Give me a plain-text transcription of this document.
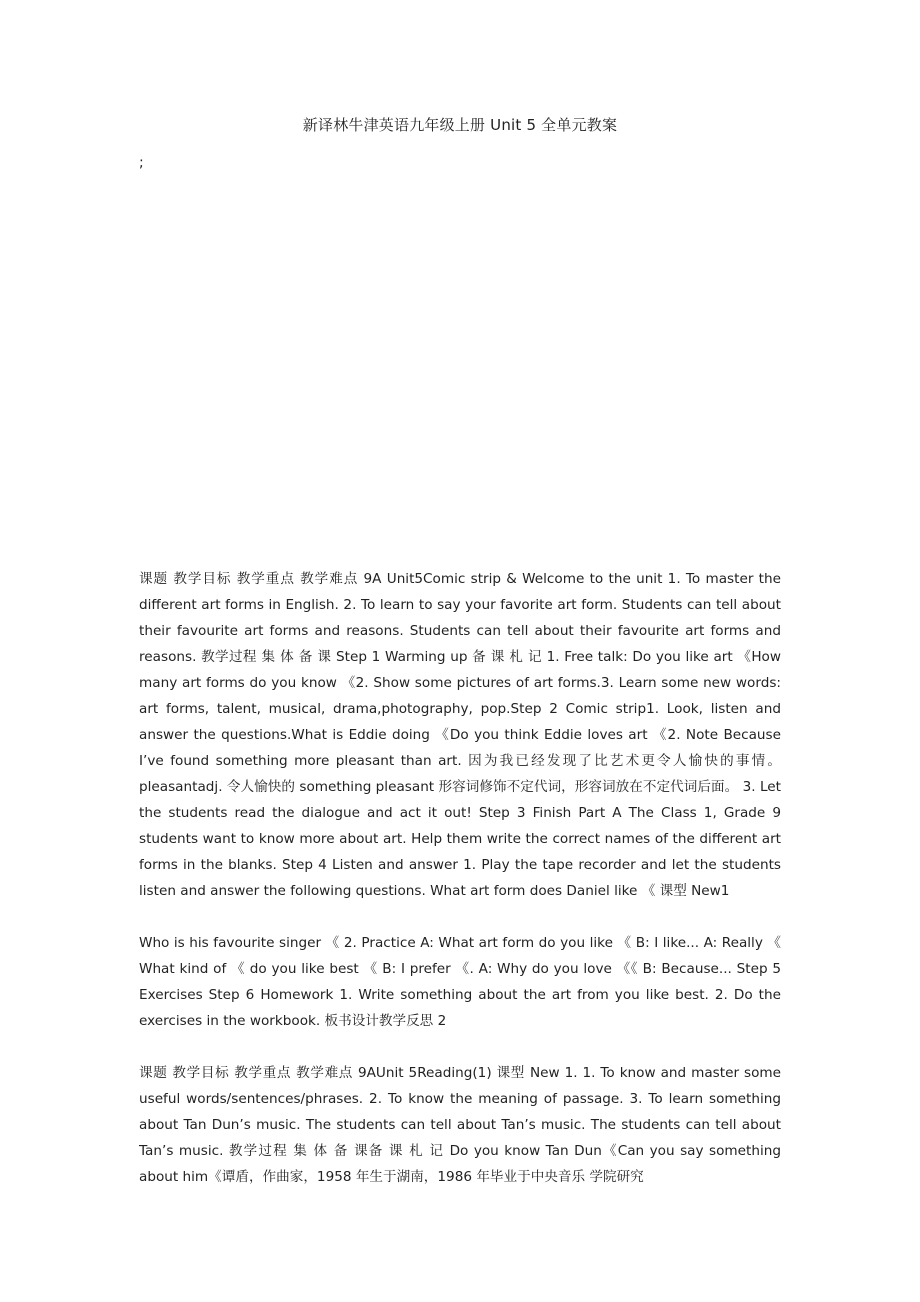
新译林牛津英语九年级上册 Unit 5 全单元教案
;

课题 教学目标 教学重点 教学难点 9A Unit5Comic strip & Welcome to the unit 1. To master the different art forms in English. 2. To learn to say your favorite art form. Students can tell about their favourite art forms and reasons. Students can tell about their favourite art forms and reasons. 教学过程 集 体 备 课 Step 1 Warming up 备 课 札 记 1. Free talk: Do you like art 《How many art forms do you know 《2. Show some pictures of art forms.3. Learn some new words: art forms, talent, musical, drama,photography, pop.Step 2 Comic strip1. Look, listen and answer the questions.What is Eddie doing 《Do you think Eddie loves art 《2. Note Because I’ve found something more pleasant than art. 因为我已经发现了比艺术更令人愉快的事情。pleasantadj. 令人愉快的 something pleasant 形容词修饰不定代词，形容词放在不定代词后面。 3. Let the students read the dialogue and act it out! Step 3 Finish Part A The Class 1, Grade 9 students want to know more about art. Help them write the correct names of the different art forms in the blanks. Step 4 Listen and answer 1. Play the tape recorder and let the students listen and answer the following questions. What art form does Daniel like 《 课型 New1

Who is his favourite singer 《 2. Practice A: What art form do you like 《 B: I like... A: Really 《 What kind of 《 do you like best 《 B: I prefer 《. A: Why do you love 《《 B: Because... Step 5 Exercises Step 6 Homework 1. Write something about the art from you like best. 2. Do the exercises in the workbook. 板书设计教学反思 2

课题 教学目标 教学重点 教学难点 9AUnit 5Reading(1) 课型 New 1. 1. To know and master some useful words/sentences/phrases. 2. To know the meaning of passage. 3. To learn something about Tan Dun’s music. The students can tell about Tan’s music. The students can tell about Tan’s music. 教学过程 集 体 备 课备 课 札 记 Do you know Tan Dun《Can you say something about him《谭盾，作曲家，1958 年生于湖南，1986 年毕业于中央音乐 学院研究
